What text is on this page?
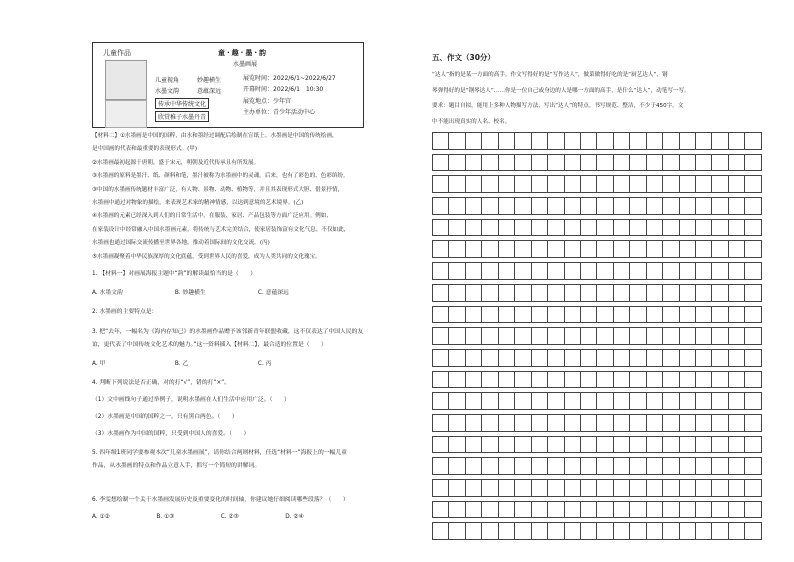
儿童作品	童·趣·墨·韵
水墨画展
儿童视角	妙趣横生
水墨文韵	意蕴深远
传承中华传统文化
欣赏稚子水墨丹青
展览时间：2022/6/1~2022/6/27
开幕时间：2022/6/1　10:30
展览地点：少年宫
主办单位：青少年活动中心

【材料二】①水墨画是中国的国粹，由水和墨经过调配后绘制在宣纸上。水墨画是中国的传统绘画，

是中国画的代表和最重要的表现形式。(甲)

②水墨画最初起源于唐朝，盛于宋元，明朝及近代传承且有所发展。

③水墨画的原料是墨汁、纸、颜料和笔，墨汁被称为水墨画中的灵魂。后来，也有了彩色的、色彩缤纷。

③中国的水墨画传统题材丰富广泛，有人物、景物、动物、植物等，并且其表现形式大胆、借景抒情，

水墨画中通过对物象的描绘，来表现艺术家的精神情感，以达到意境的艺术境界。(乙)

④水墨画的元素已经深入到人们的日常生活中，在服装、家居、产品包装等方面广泛应用。例如，

在家装设计中经常融入中国水墨画元素，将传统与艺术完美结合，使家居装饰富有文化气息。不仅如此，

水墨画也通过国际交流传播至世界各地，推动着国际间的文化交流。(丙)

⑤水墨画凝聚着中华民族深厚的文化底蕴，受到世界人民的喜爱，成为人类共同的文化瑰宝。

1. 【材料一】对画展海报主题中“韵”的解读最恰当的是（　　）
A. 水墨文韵　　　　　　　　　B. 妙趣横生　　　　　　　　　C. 意蕴深远
2. 水墨画的主要特点是：
3. 把“去年，一幅名为《海内存知己》的水墨画作品赠予该邻新青年联盟收藏，这不仅表达了中国人民的友
谊，更代表了中国传统文化艺术的魅力。”这一资料插入【材料二】，最合适的位置是（　　）
A. 甲　　　　　　　　　　　　B. 乙　　　　　　　　　　　　C. 丙
4. 判断下列说法是否正确，对的打“√”，错的打“×”。
（1）文中画线句子通过举例子，说明水墨画在人们生活中应用广泛。（　　）
（2）水墨画是中国的国粹之一，只有黑白两色。（　　）
（3）水墨画作为中国的国粹，只受到中国人的喜爱。（　　）
5. 四年级1班同学要参观本次“儿童水墨画展”，请你结合两则材料，任选“材料一”海报上的一幅儿童
作品，从水墨画的特点和作品立意入手，抓写一个简短的讲解词。
6. 李雯想绘制一个关于水墨画发展历史及重要变化的时间轴，你建议她仔细阅读哪些段落？（　　）
A. ①②　　　　　　　　B. ①③　　　　　　　　C. ②③　　　　　　　　D. ②④
五、作文（30分）

“达人”指的是某一方面的高手。作文写得好的是“写作达人”，做菜做得好吃的是“厨艺达人”，钢

琴弹得好的是“钢琴达人”……你是一位自己或身边的人是哪一方面的高手，是什么“达人”，动笔写一写。

要求：题目自拟，能用上多种人物描写方法，写出“达人”的特点。书写规范、整洁，不少于450字。文

中不能出现真实的人名、校名。
